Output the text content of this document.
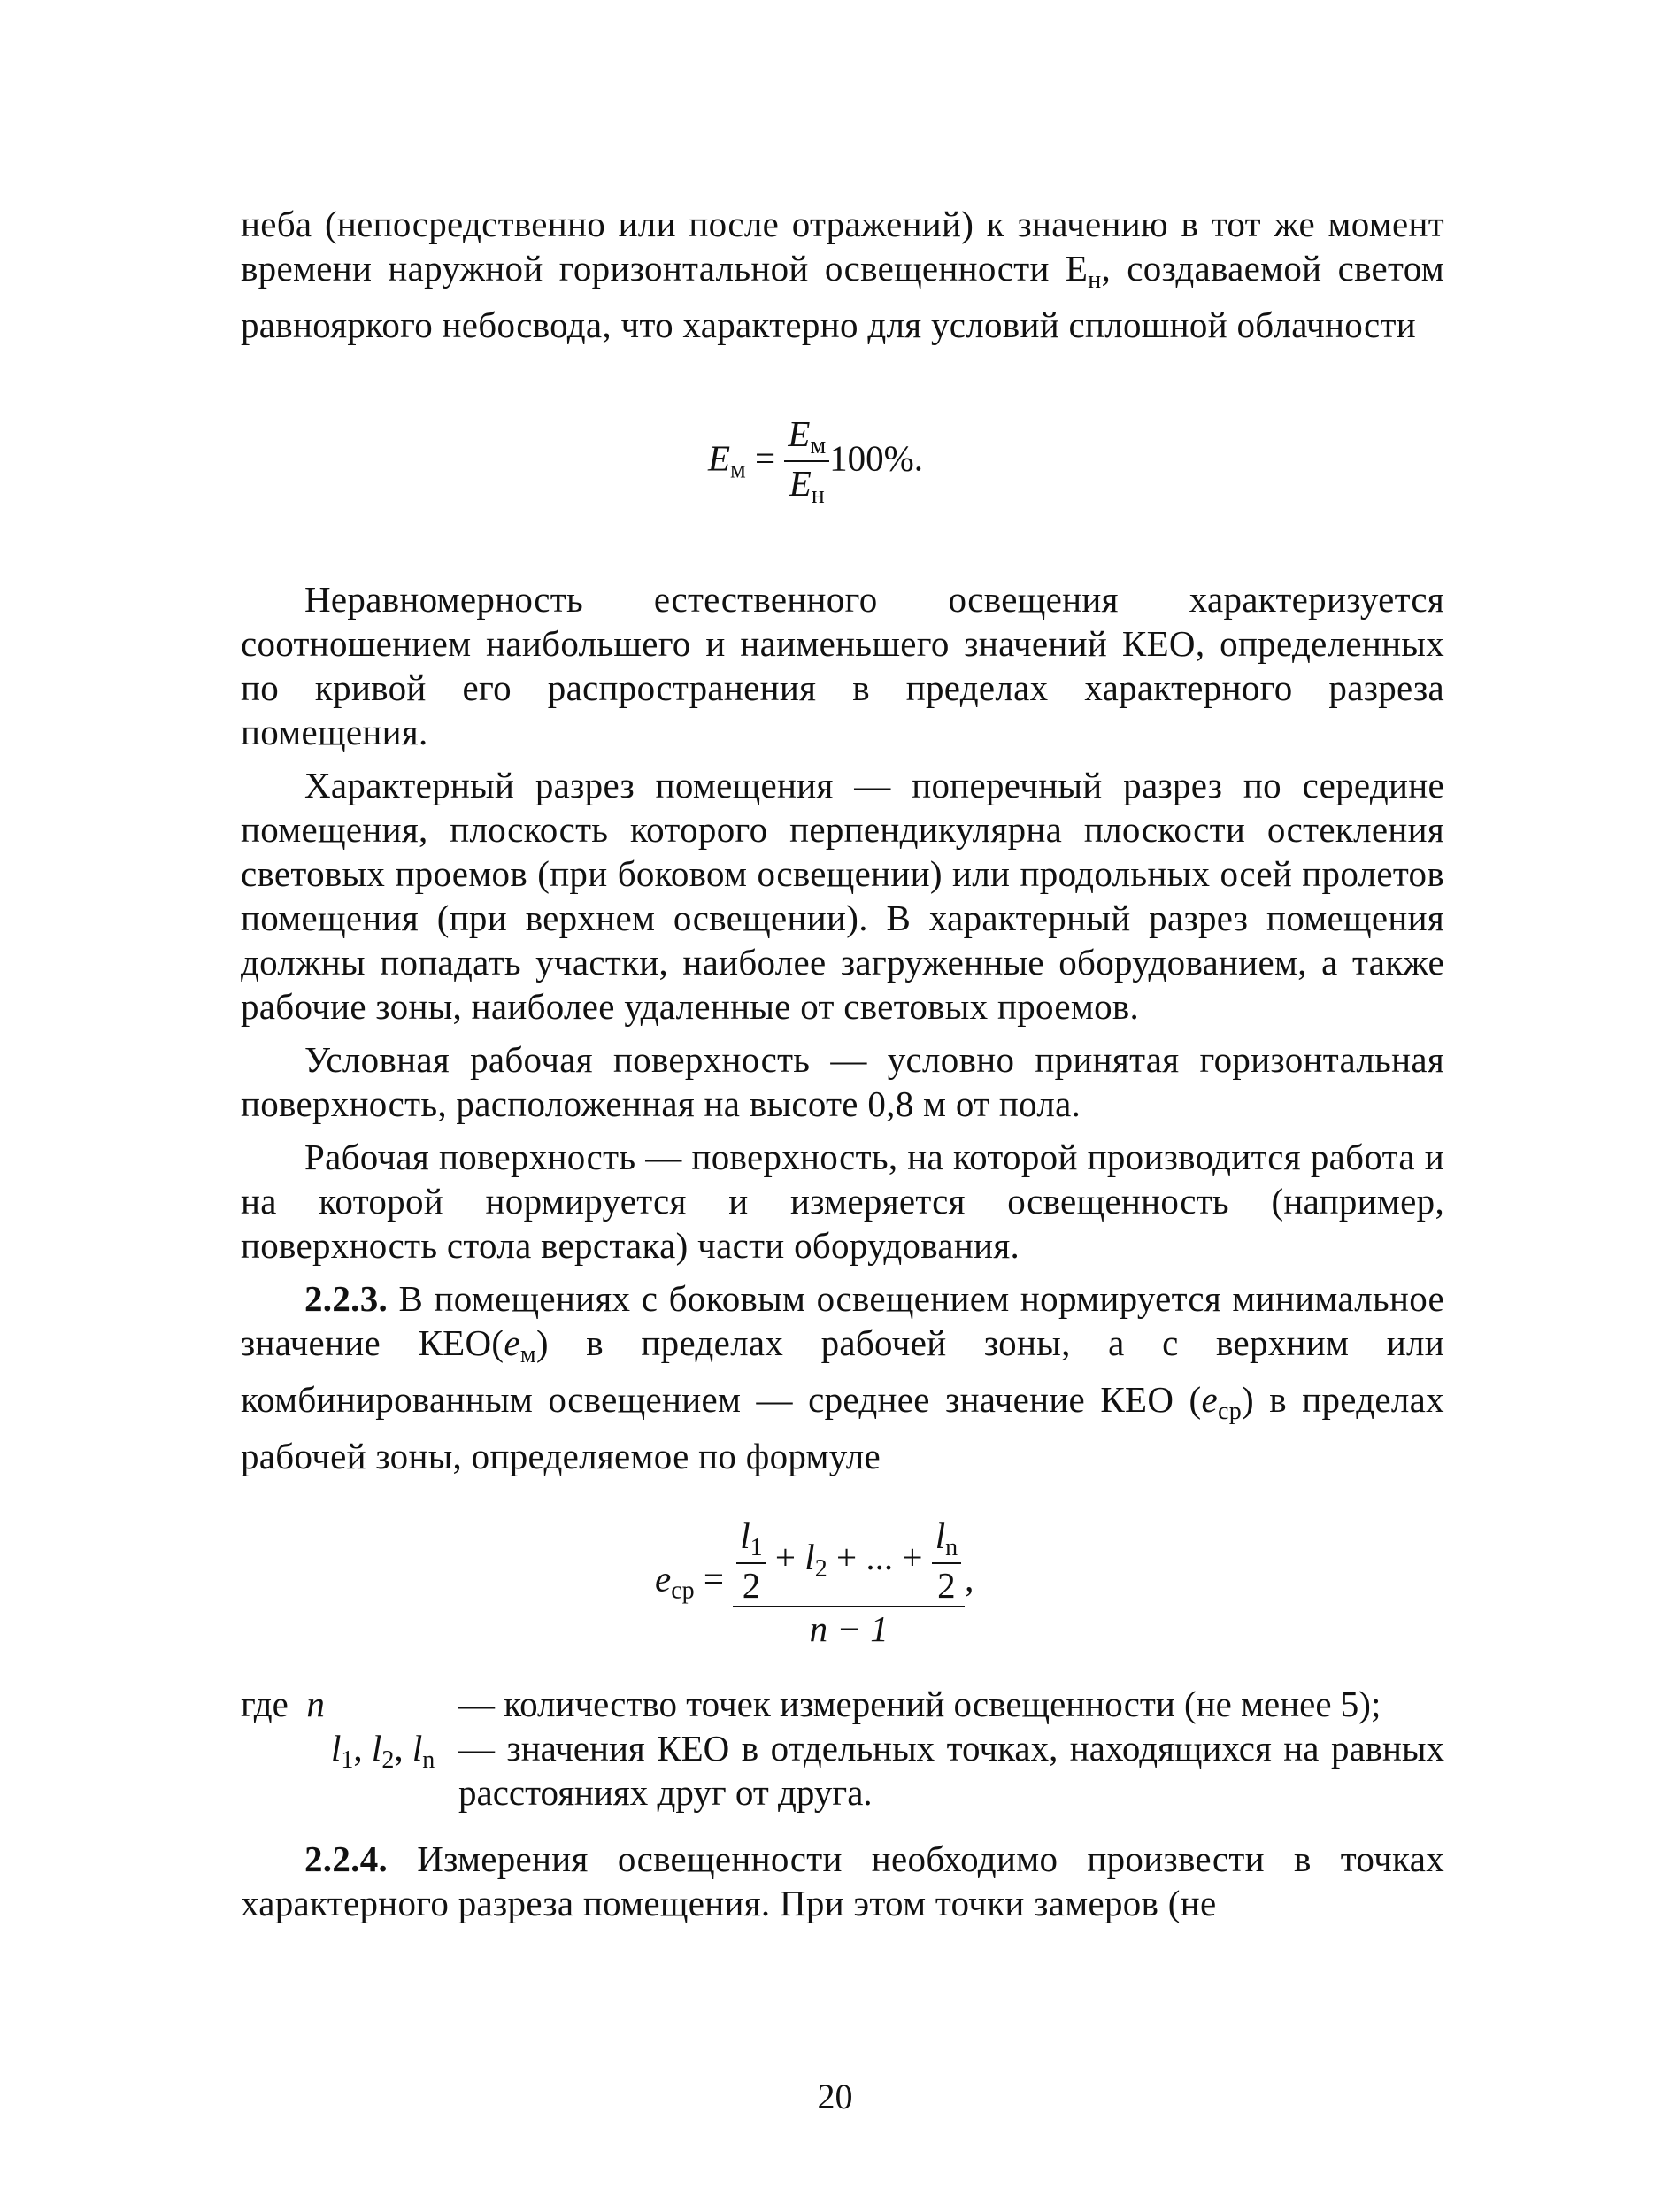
неба (непосредственно или после отражений) к значению в тот же момент времени наружной горизонтальной освещенности $E_н$, создаваемой светом равнояркого небосвода, что характерно для условий сплошной облачности

$E_м = \frac{E_м}{E_н} 100\%$.

Неравномерность естественного освещения характеризуется соотношением наибольшего и наименьшего значений КЕО, определенных по кривой его распространения в пределах характерного разреза помещения.

Характерный разрез помещения — поперечный разрез по середине помещения, плоскость которого перпендикулярна плоскости остекления световых проемов (при боковом освещении) или продольных осей пролетов помещения (при верхнем освещении). В характерный разрез помещения должны попадать участки, наиболее загруженные оборудованием, а также рабочие зоны, наиболее удаленные от световых проемов.

Условная рабочая поверхность — условно принятая горизонтальная поверхность, расположенная на высоте 0,8 м от пола.

Рабочая поверхность — поверхность, на которой производится работа и на которой нормируется и измеряется освещенность (например, поверхность стола верстака) части оборудования.

2.2.3. В помещениях с боковым освещением нормируется минимальное значение $КЕО(e_м)$ в пределах рабочей зоны, а с верхним или комбинированным освещением — среднее значение КЕО $(e_{ср})$ в пределах рабочей зоны, определяемое по формуле

$e_{ср} = \frac{l_1}{2} + l_2$ + ... + $\frac{l_n}{2}$
n − 1
,
где n	— количество точек измерений освещенности (не менее 5);
$l_1$, $l_2$, $l_n$ — значения КЕО в отдельных точках, находящихся на равных расстояниях друг от друга.

2.2.4. Измерения освещенности необходимо произвести в точках характерного разреза помещения. При этом точки замеров (не

20
